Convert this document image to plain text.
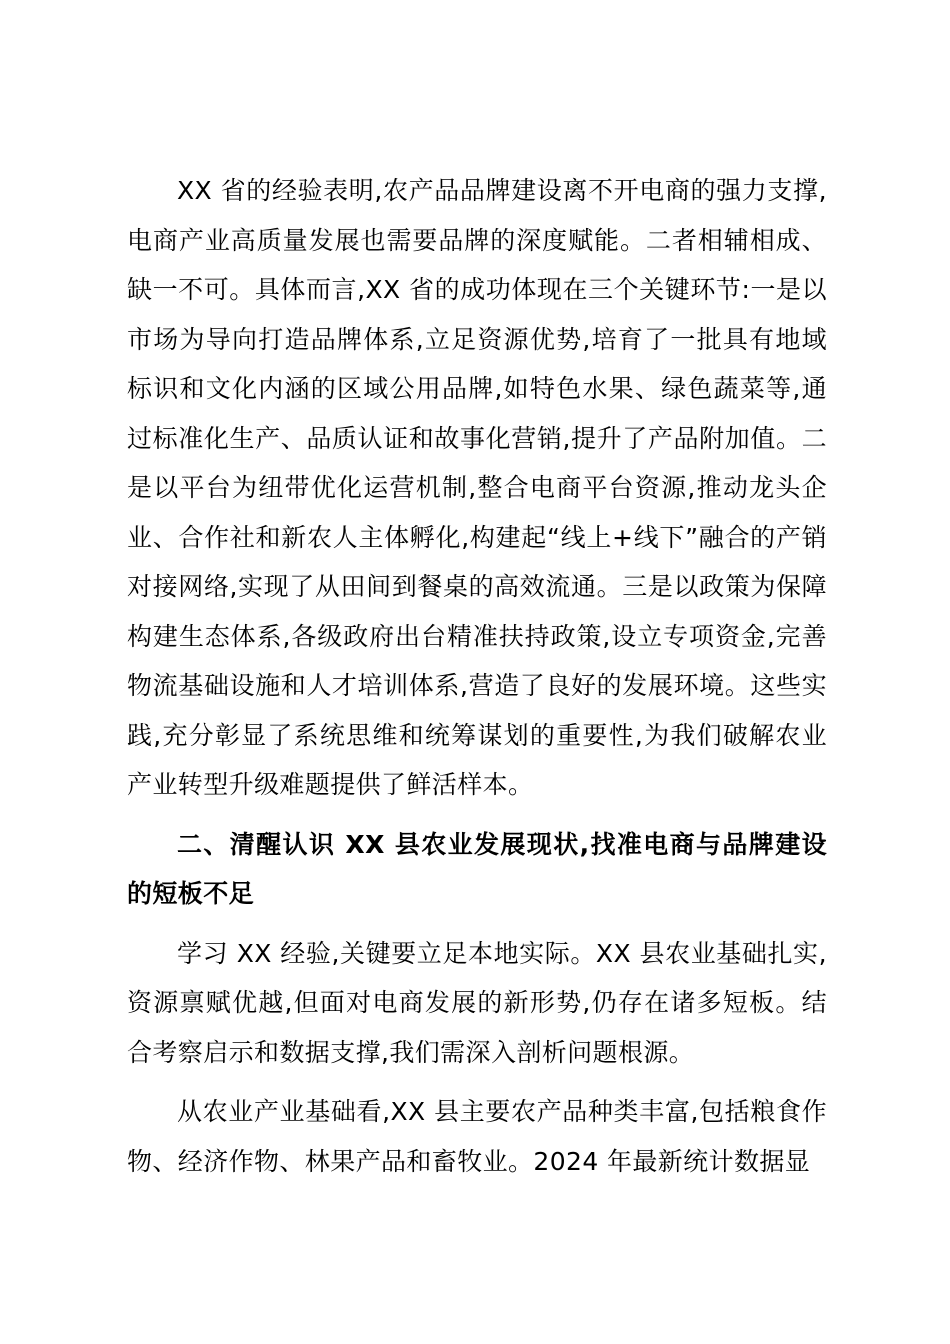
XX 省的经验表明,农产品品牌建设离不开电商的强力支撑,电商产业高质量发展也需要品牌的深度赋能。二者相辅相成、缺一不可。具体而言,XX 省的成功体现在三个关键环节:一是以市场为导向打造品牌体系,立足资源优势,培育了一批具有地域标识和文化内涵的区域公用品牌,如特色水果、绿色蔬菜等,通过标准化生产、品质认证和故事化营销,提升了产品附加值。二是以平台为纽带优化运营机制,整合电商平台资源,推动龙头企业、合作社和新农人主体孵化,构建起“线上+线下”融合的产销对接网络,实现了从田间到餐桌的高效流通。三是以政策为保障构建生态体系,各级政府出台精准扶持政策,设立专项资金,完善物流基础设施和人才培训体系,营造了良好的发展环境。这些实践,充分彰显了系统思维和统筹谋划的重要性,为我们破解农业产业转型升级难题提供了鲜活样本。

二、清醒认识 XX 县农业发展现状,找准电商与品牌建设的短板不足

学习 XX 经验,关键要立足本地实际。XX 县农业基础扎实,资源禀赋优越,但面对电商发展的新形势,仍存在诸多短板。结合考察启示和数据支撑,我们需深入剖析问题根源。

从农业产业基础看,XX 县主要农产品种类丰富,包括粮食作物、经济作物、林果产品和畜牧业。2024 年最新统计数据显
